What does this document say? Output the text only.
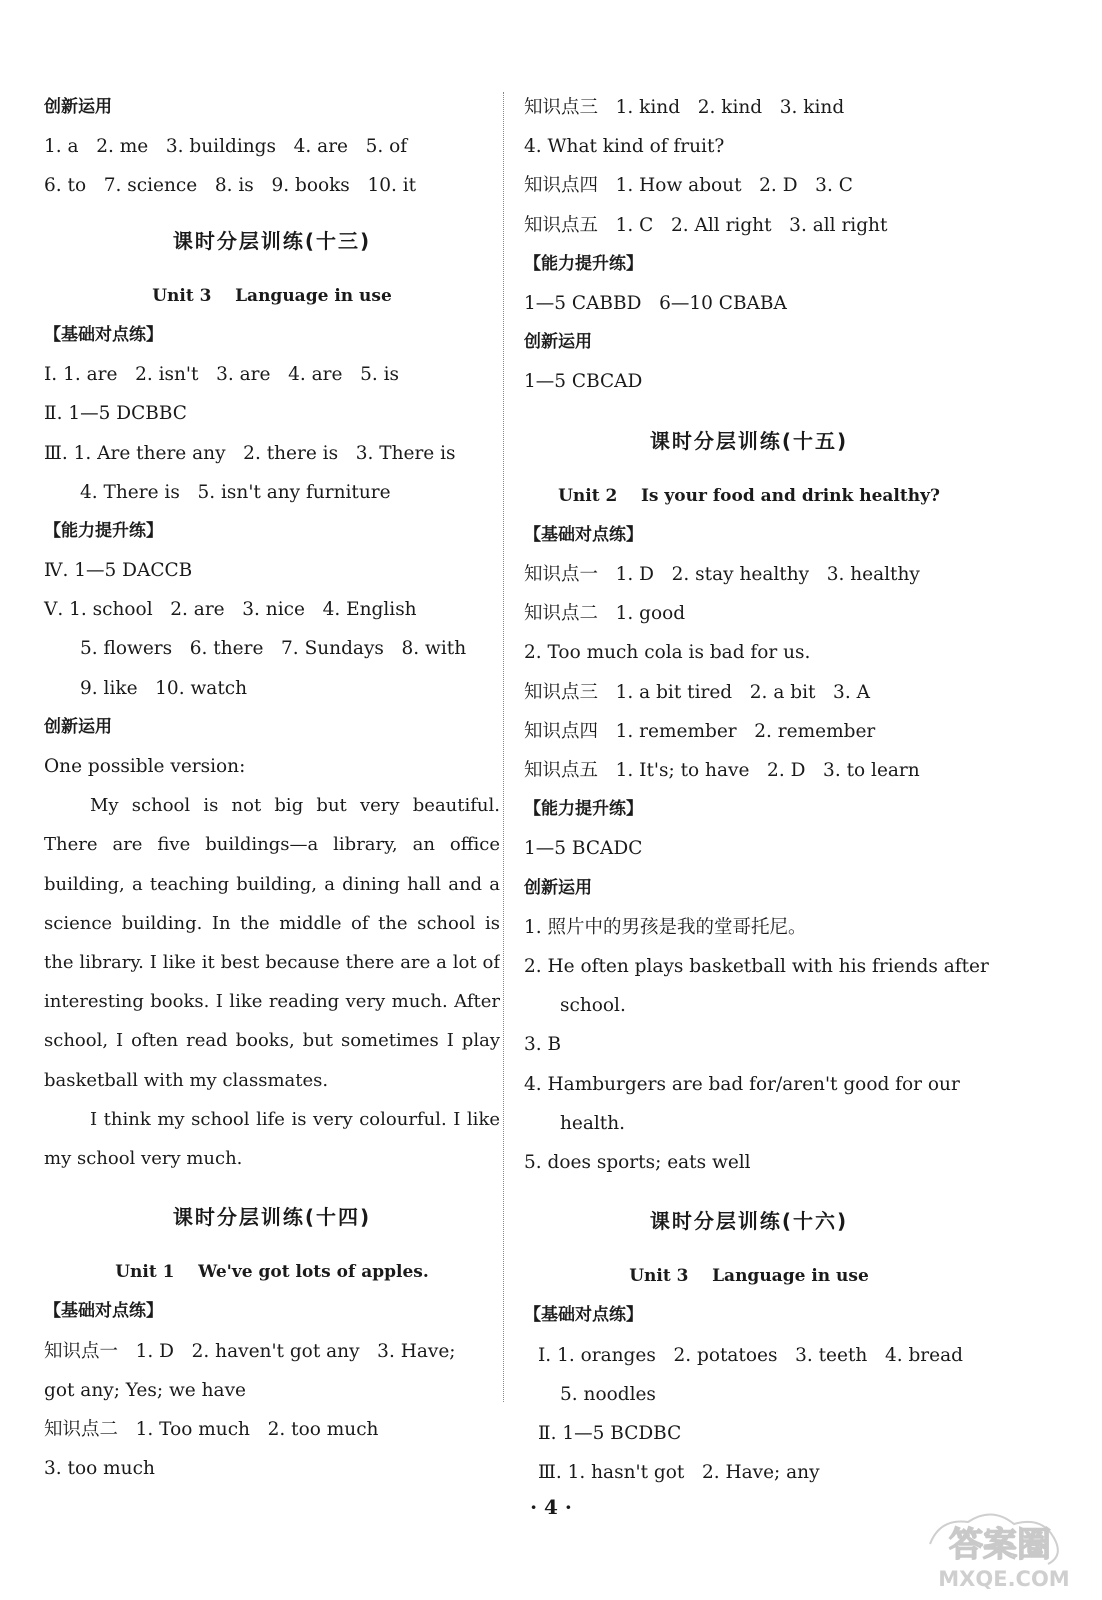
创新运用
1. a   2. me   3. buildings   4. are   5. of
6. to   7. science   8. is   9. books   10. it
课时分层训练(十三)
Unit 3    Language in use
【基础对点练】
Ⅰ. 1. are   2. isn't   3. are   4. are   5. is
Ⅱ. 1—5 DCBBC
Ⅲ. 1. Are there any   2. there is   3. There is
4. There is   5. isn't any furniture
【能力提升练】
Ⅳ. 1—5 DACCB
Ⅴ. 1. school   2. are   3. nice   4. English
5. flowers   6. there   7. Sundays   8. with
9. like   10. watch
创新运用
One possible version:
My school is not big but very beautiful.
There are five buildings—a library, an office
building, a teaching building, a dining hall and a
science building. In the middle of the school is
the library. I like it best because there are a lot of
interesting books. I like reading very much. After
school, I often read books, but sometimes I play
basketball with my classmates.
I think my school life is very colourful. I like
my school very much.
课时分层训练(十四)
Unit 1    We've got lots of apples.
【基础对点练】
知识点一   1. D   2. haven't got any   3. Have;
got any; Yes; we have
知识点二   1. Too much   2. too much
3. too much
知识点三   1. kind   2. kind   3. kind
4. What kind of fruit?
知识点四   1. How about   2. D   3. C
知识点五   1. C   2. All right   3. all right
【能力提升练】
1—5 CABBD   6—10 CBABA
创新运用
1—5 CBCAD
课时分层训练(十五)
Unit 2    Is your food and drink healthy?
【基础对点练】
知识点一   1. D   2. stay healthy   3. healthy
知识点二   1. good
2. Too much cola is bad for us.
知识点三   1. a bit tired   2. a bit   3. A
知识点四   1. remember   2. remember
知识点五   1. It's; to have   2. D   3. to learn
【能力提升练】
1—5 BCADC
创新运用
1. 照片中的男孩是我的堂哥托尼。
2. He often plays basketball with his friends after
school.
3. B
4. Hamburgers are bad for/aren't good for our
health.
5. does sports; eats well
课时分层训练(十六)
Unit 3    Language in use
【基础对点练】
Ⅰ. 1. oranges   2. potatoes   3. teeth   4. bread
5. noodles
Ⅱ. 1—5 BCDBC
Ⅲ. 1. hasn't got   2. Have; any
· 4 ·
答案圈
MXQE.COM
